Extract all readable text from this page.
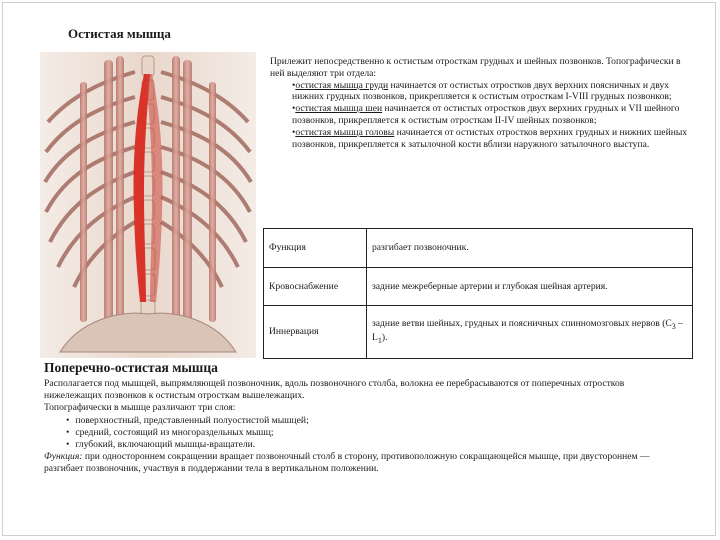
Остистая мышца

Прилежит непосредственно к остистым отросткам грудных и шейных позвонков. Топографически в ней выделяют три отдела:

•остистая мышца груди начинается от остистых отростков двух верхних поясничных и двух нижних грудных позвонков, прикрепляется к остистым отросткам I-VIII грудных позвонков;
•остистая мышца шеи начинается от остистых отростков двух верхних грудных и VII шейного позвонков, прикрепляется к остистым отросткам II-IV шейных позвонков;
•остистая мышца головы начинается от остистых отростков верхних грудных и нижних шейных позвонков, прикрепляется к затылочной кости вблизи наружного затылочного выступа.
Функция	разгибает позвоночник.
Кровоснабжение	задние межреберные артерии и глубокая шейная артерия.
Иннервация	задние ветви шейных, грудных и поясничных спинномозговых нервов $(C_3 - L_1)$.
Поперечно-остистая мышца

Располагается под мышцей, выпрямляющей позвоночник, вдоль позвоночного столба, волокна ее перебрасываются от поперечных отростков нижележащих позвонков к остистым отросткам вышележащих.

Топографически в мышце различают три слоя:

• поверхностный, представленный полуостистой мышцей;
• средний, состоящий из многораздельных мышц;
• глубокий, включающий мышцы-вращатели.

Функция: при одностороннем сокращении вращает позвоночный столб в сторону, противоположную сокращающейся мышце, при двустороннем — разгибает позвоночник, участвуя в поддержании тела в вертикальном положении.
